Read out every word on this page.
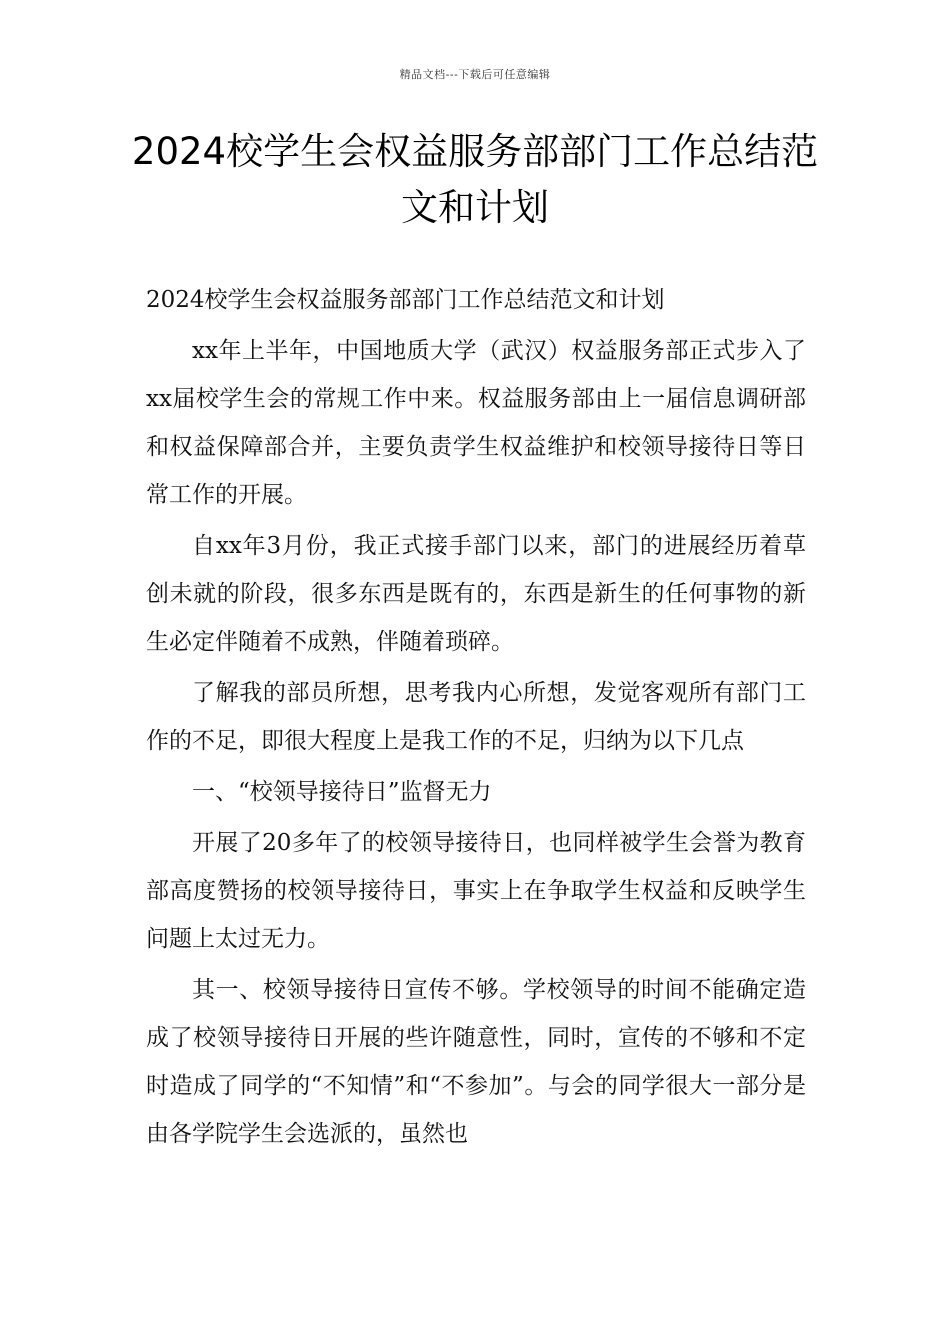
精品文档---下载后可任意编辑
2024校学生会权益服务部部门工作总结范文和计划

2024校学生会权益服务部部门工作总结范文和计划

xx年上半年，中国地质大学（武汉）权益服务部正式步入了xx届校学生会的常规工作中来。权益服务部由上一届信息调研部和权益保障部合并，主要负责学生权益维护和校领导接待日等日常工作的开展。

自xx年3月份，我正式接手部门以来，部门的进展经历着草创未就的阶段，很多东西是既有的，东西是新生的任何事物的新生必定伴随着不成熟，伴随着琐碎。

了解我的部员所想，思考我内心所想，发觉客观所有部门工作的不足，即很大程度上是我工作的不足，归纳为以下几点

一、“校领导接待日”监督无力

开展了20多年了的校领导接待日，也同样被学生会誉为教育部高度赞扬的校领导接待日，事实上在争取学生权益和反映学生问题上太过无力。

其一、校领导接待日宣传不够。学校领导的时间不能确定造成了校领导接待日开展的些许随意性，同时，宣传的不够和不定时造成了同学的“不知情”和“不参加”。与会的同学很大一部分是由各学院学生会选派的，虽然也
